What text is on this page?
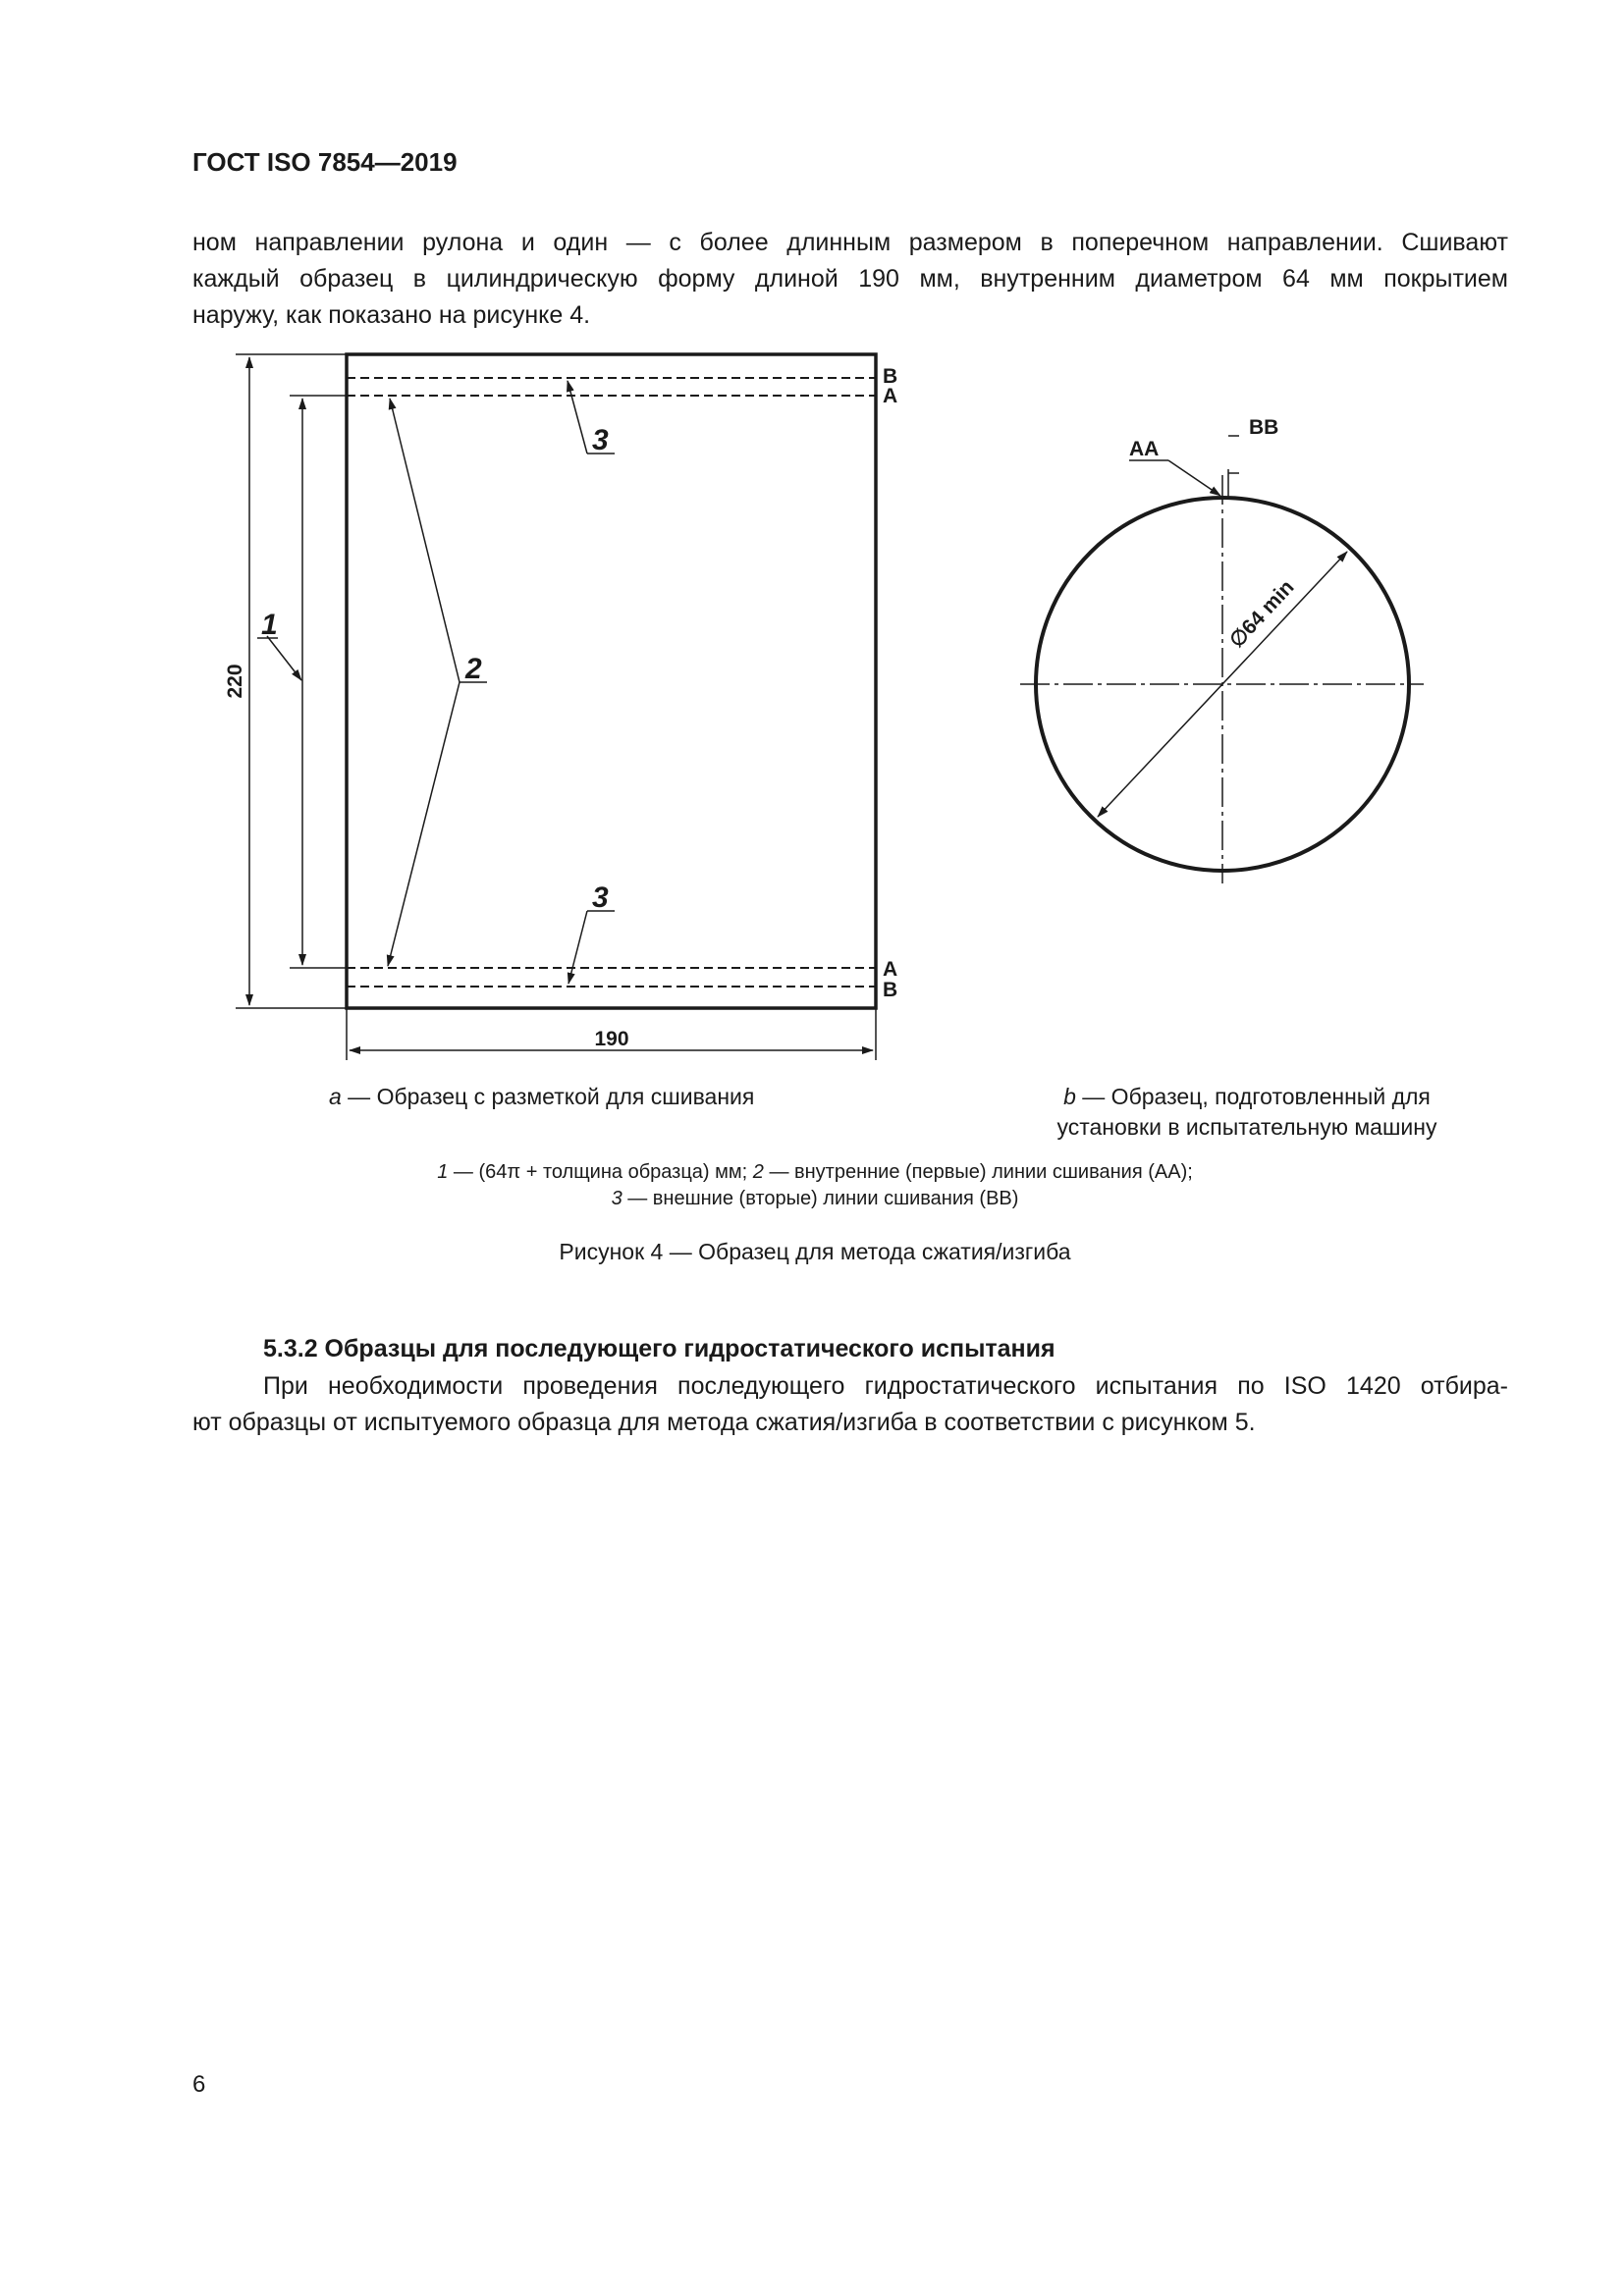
ГОСТ ISO 7854—2019
ном направлении рулона и один — с более длинным размером в поперечном направлении. Сшивают
каждый образец в цилиндрическую форму длиной 190 мм, внутренним диаметром 64 мм покрытием
наружу, как показано на рисунке 4.
220
1
2
3
3
B
A
A
B
190
∅64 min
AA
BB
a — Образец с разметкой для сшивания	b — Образец, подготовленный для
установки в испытательную машину
1 — (64π + толщина образца) мм; 2 — внутренние (первые) линии сшивания (AA);
3 — внешние (вторые) линии сшивания (BB)
Рисунок 4 — Образец для метода сжатия/изгиба
5.3.2 Образцы для последующего гидростатического испытания
При необходимости проведения последующего гидростатического испытания по ISO 1420 отбира-
ют образцы от испытуемого образца для метода сжатия/изгиба в соответствии с рисунком 5.
6
